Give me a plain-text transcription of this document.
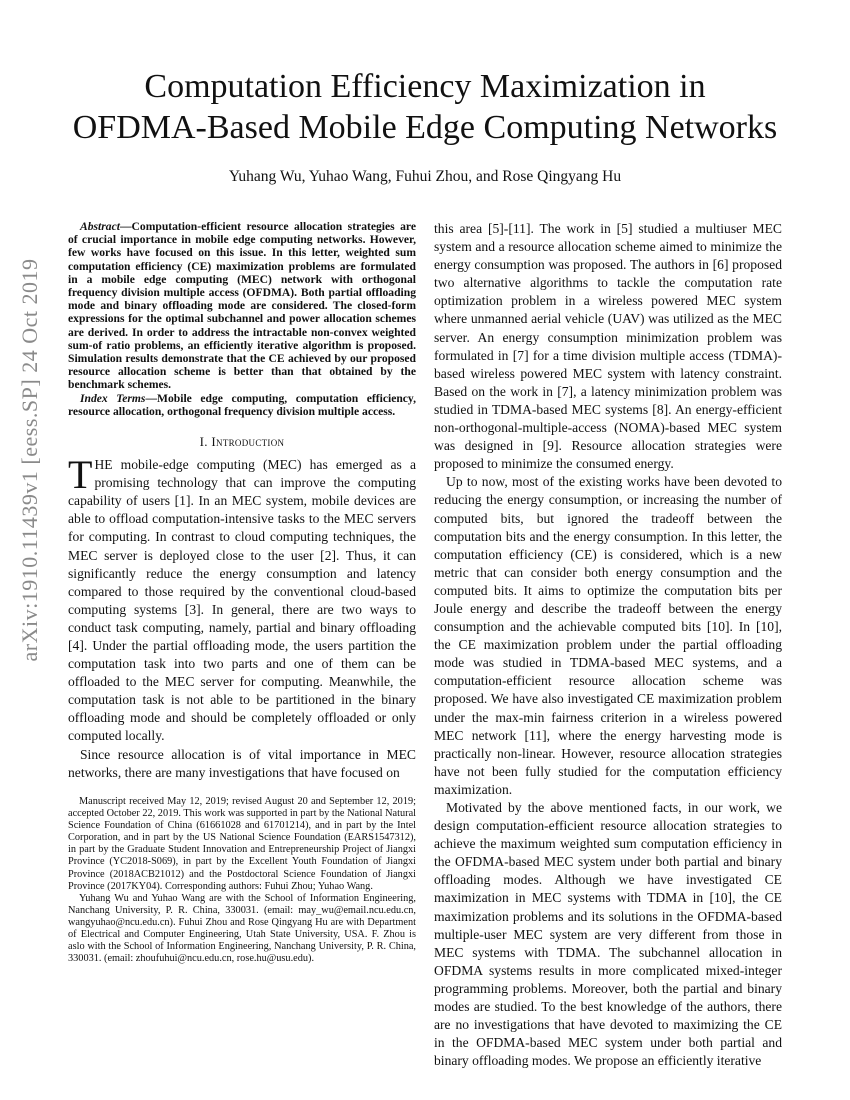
arXiv:1910.11439v1 [eess.SP] 24 Oct 2019
Computation Efficiency Maximization in
OFDMA-Based Mobile Edge Computing Networks

Yuhang Wu, Yuhao Wang, Fuhui Zhou, and Rose Qingyang Hu

Abstract—Computation-efficient resource allocation strategies are of crucial importance in mobile edge computing networks. However, few works have focused on this issue. In this letter, weighted sum computation efficiency (CE) maximization problems are formulated in a mobile edge computing (MEC) network with orthogonal frequency division multiple access (OFDMA). Both partial offloading mode and binary offloading mode are considered. The closed-form expressions for the optimal subchannel and power allocation schemes are derived. In order to address the intractable non-convex weighted sum-of ratio problems, an efficiently iterative algorithm is proposed. Simulation results demonstrate that the CE achieved by our proposed resource allocation scheme is better than that obtained by the benchmark schemes.

Index Terms—Mobile edge computing, computation efficiency, resource allocation, orthogonal frequency division multiple access.

I. Introduction

THE mobile-edge computing (MEC) has emerged as a promising technology that can improve the computing capability of users [1]. In an MEC system, mobile devices are able to offload computation-intensive tasks to the MEC servers for computing. In contrast to cloud computing techniques, the MEC server is deployed close to the user [2]. Thus, it can significantly reduce the energy consumption and latency compared to those required by the conventional cloud-based computing systems [3]. In general, there are two ways to conduct task computing, namely, partial and binary offloading [4]. Under the partial offloading mode, the users partition the computation task into two parts and one of them can be offloaded to the MEC server for computing. Meanwhile, the computation task is not able to be partitioned in the binary offloading mode and should be completely offloaded or only computed locally.

Since resource allocation is of vital importance in MEC networks, there are many investigations that have focused on

Manuscript received May 12, 2019; revised August 20 and September 12, 2019; accepted October 22, 2019. This work was supported in part by the National Natural Science Foundation of China (61661028 and 61701214), and in part by the Intel Corporation, and in part by the US National Science Foundation (EARS1547312), in part by the Graduate Student Innovation and Entrepreneurship Project of Jiangxi Province (YC2018-S069), in part by the Excellent Youth Foundation of Jiangxi Province (2018ACB21012) and the Postdoctoral Science Foundation of Jiangxi Province (2017KY04). Corresponding authors: Fuhui Zhou; Yuhao Wang.

Yuhang Wu and Yuhao Wang are with the School of Information Engineering, Nanchang University, P. R. China, 330031. (email: may_wu@email.ncu.edu.cn, wangyuhao@ncu.edu.cn). Fuhui Zhou and Rose Qingyang Hu are with Department of Electrical and Computer Engineering, Utah State University, USA. F. Zhou is aslo with the School of Information Engineering, Nanchang University, P. R. China, 330031. (email: zhoufuhui@ncu.edu.cn, rose.hu@usu.edu).

this area [5]-[11]. The work in [5] studied a multiuser MEC system and a resource allocation scheme aimed to minimize the energy consumption was proposed. The authors in [6] proposed two alternative algorithms to tackle the computation rate optimization problem in a wireless powered MEC system where unmanned aerial vehicle (UAV) was utilized as the MEC server. An energy consumption minimization problem was formulated in [7] for a time division multiple access (TDMA)-based wireless powered MEC system with latency constraint. Based on the work in [7], a latency minimization problem was studied in TDMA-based MEC systems [8]. An energy-efficient non-orthogonal-multiple-access (NOMA)-based MEC system was designed in [9]. Resource allocation strategies were proposed to minimize the consumed energy.

Up to now, most of the existing works have been devoted to reducing the energy consumption, or increasing the number of computed bits, but ignored the tradeoff between the computation bits and the energy consumption. In this letter, the computation efficiency (CE) is considered, which is a new metric that can consider both energy consumption and the computed bits. It aims to optimize the computation bits per Joule energy and describe the tradeoff between the energy consumption and the achievable computed bits [10]. In [10], the CE maximization problem under the partial offloading mode was studied in TDMA-based MEC systems, and a computation-efficient resource allocation scheme was proposed. We have also investigated CE maximization problem under the max-min fairness criterion in a wireless powered MEC network [11], where the energy harvesting mode is practically non-linear. However, resource allocation strategies have not been fully studied for the computation efficiency maximization.

Motivated by the above mentioned facts, in our work, we design computation-efficient resource allocation strategies to achieve the maximum weighted sum computation efficiency in the OFDMA-based MEC system under both partial and binary offloading modes. Although we have investigated CE maximization in MEC systems with TDMA in [10], the CE maximization problems and its solutions in the OFDMA-based multiple-user MEC system are very different from those in MEC systems with TDMA. The subchannel allocation in OFDMA systems results in more complicated mixed-integer programming problems. Moreover, both the partial and binary modes are studied. To the best knowledge of the authors, there are no investigations that have devoted to maximizing the CE in the OFDMA-based MEC system under both partial and binary offloading modes. We propose an efficiently iterative
